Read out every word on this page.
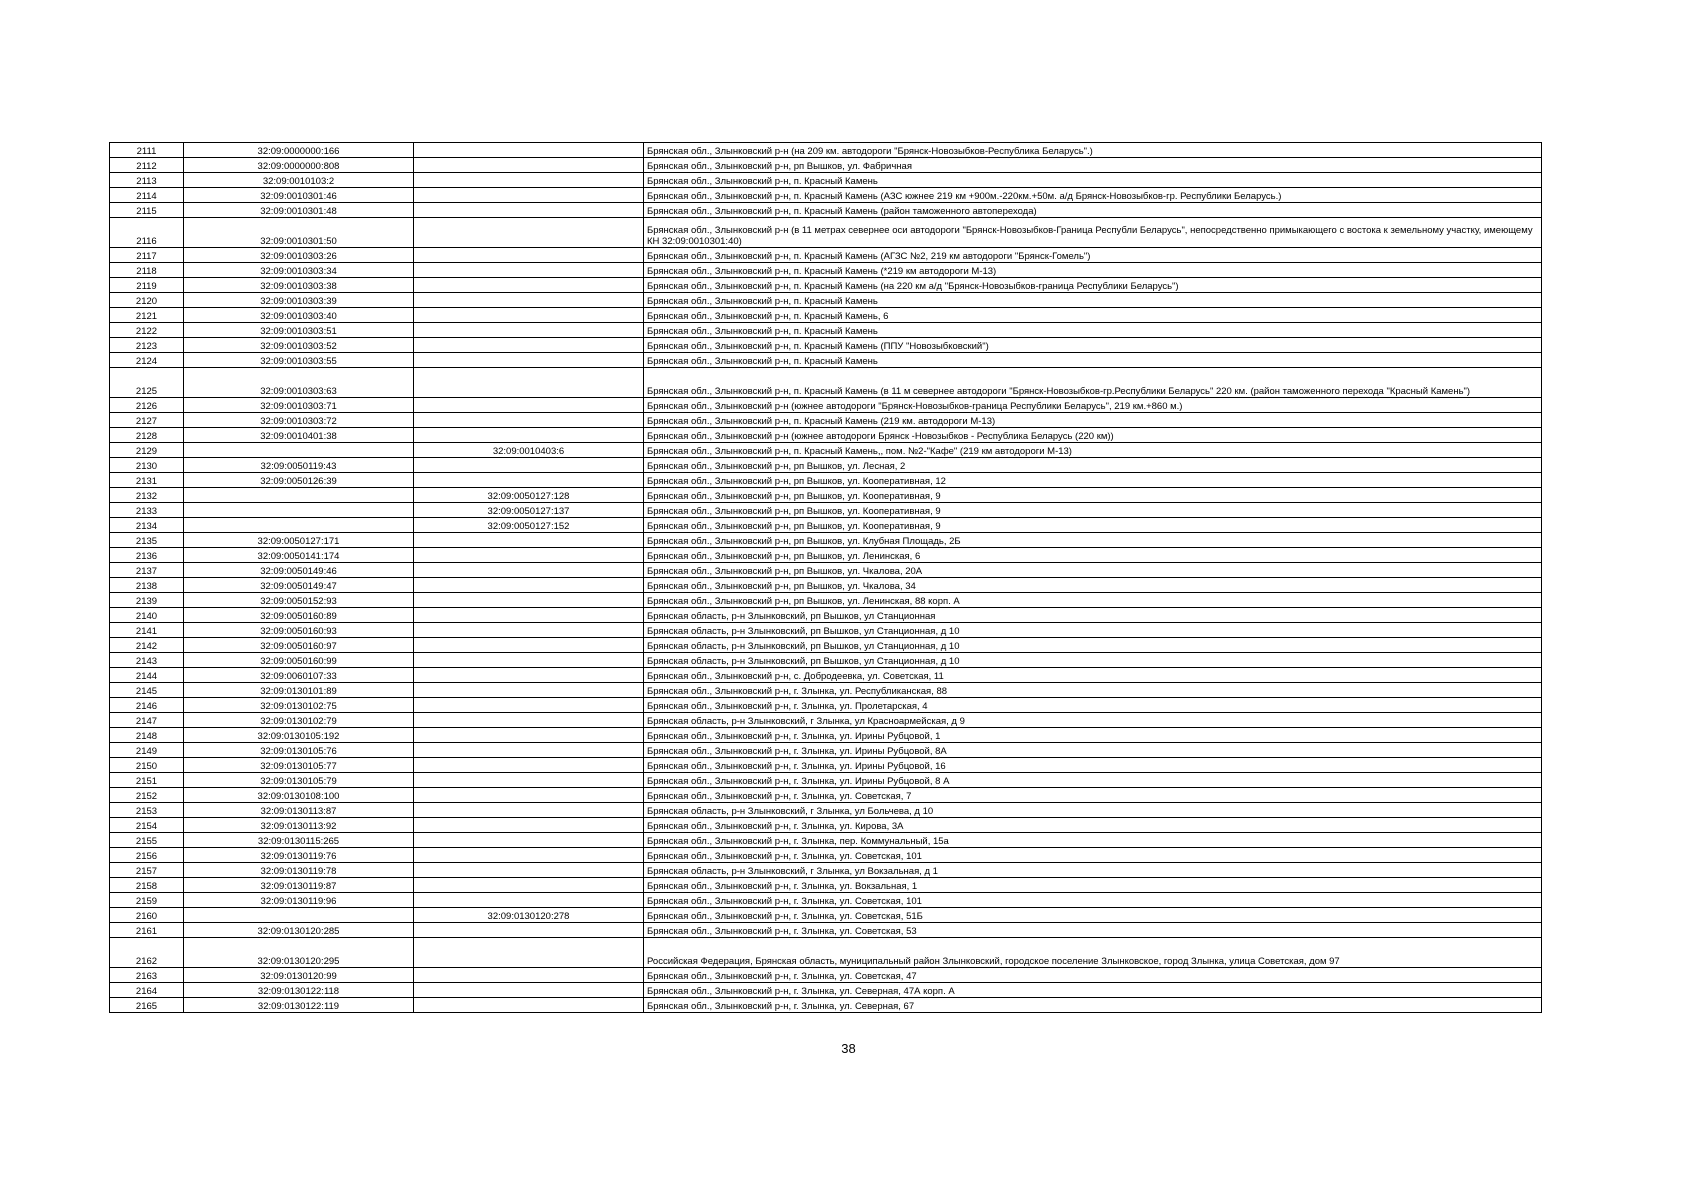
2111	32:09:0000000:166		Брянская обл., Злынковский р-н (на 209 км. автодороги "Брянск-Новозыбков-Республика Беларусь".)
2112	32:09:0000000:808		Брянская обл., Злынковский р-н, рп Вышков, ул. Фабричная
2113	32:09:0010103:2		Брянская обл., Злынковский р-н, п. Красный Камень
2114	32:09:0010301:46		Брянская обл., Злынковский р-н, п. Красный Камень (АЗС южнее 219 км +900м.-220км.+50м. а/д Брянск-Новозыбков-гр. Республики Беларусь.)
2115	32:09:0010301:48		Брянская обл., Злынковский р-н, п. Красный Камень (район таможенного автоперехода)
2116	32:09:0010301:50		Брянская обл., Злынковский р-н (в 11 метрах севернее оси автодороги "Брянск-Новозыбков-Граница Республи Беларусь", непосредственно примыкающего с востока к земельному участку, имеющему КН 32:09:0010301:40)
2117	32:09:0010303:26		Брянская обл., Злынковский р-н, п. Красный Камень (АГЗС №2, 219 км автодороги "Брянск-Гомель")
2118	32:09:0010303:34		Брянская обл., Злынковский р-н, п. Красный Камень (*219 км автодороги М-13)
2119	32:09:0010303:38		Брянская обл., Злынковский р-н, п. Красный Камень (на 220 км а/д "Брянск-Новозыбков-граница Республики Беларусь")
2120	32:09:0010303:39		Брянская обл., Злынковский р-н, п. Красный Камень
2121	32:09:0010303:40		Брянская обл., Злынковский р-н, п. Красный Камень, 6
2122	32:09:0010303:51		Брянская обл., Злынковский р-н, п. Красный Камень
2123	32:09:0010303:52		Брянская обл., Злынковский р-н, п. Красный Камень (ППУ "Новозыбковский")
2124	32:09:0010303:55		Брянская обл., Злынковский р-н, п. Красный Камень
2125	32:09:0010303:63		Брянская обл., Злынковский р-н, п. Красный Камень (в 11 м севернее автодороги "Брянск-Новозыбков-гр.Республики Беларусь" 220 км. (район таможенного перехода "Красный Камень")
2126	32:09:0010303:71		Брянская обл., Злынковский р-н (южнее автодороги "Брянск-Новозыбков-граница Республики Беларусь", 219 км.+860 м.)
2127	32:09:0010303:72		Брянская обл., Злынковский р-н, п. Красный Камень (219 км. автодороги М-13)
2128	32:09:0010401:38		Брянская обл., Злынковский р-н (южнее автодороги Брянск -Новозыбков - Республика Беларусь (220 км))
2129		32:09:0010403:6	Брянская обл., Злынковский р-н, п. Красный Камень,, пом. №2-"Кафе" (219 км автодороги М-13)
2130	32:09:0050119:43		Брянская обл., Злынковский р-н, рп Вышков, ул. Лесная, 2
2131	32:09:0050126:39		Брянская обл., Злынковский р-н, рп Вышков, ул. Кооперативная, 12
2132		32:09:0050127:128	Брянская обл., Злынковский р-н, рп Вышков, ул. Кооперативная, 9
2133		32:09:0050127:137	Брянская обл., Злынковский р-н, рп Вышков, ул. Кооперативная, 9
2134		32:09:0050127:152	Брянская обл., Злынковский р-н, рп Вышков, ул. Кооперативная, 9
2135	32:09:0050127:171		Брянская обл., Злынковский р-н, рп Вышков, ул. Клубная Площадь, 2Б
2136	32:09:0050141:174		Брянская обл., Злынковский р-н, рп Вышков, ул. Ленинская, 6
2137	32:09:0050149:46		Брянская обл., Злынковский р-н, рп Вышков, ул. Чкалова, 20А
2138	32:09:0050149:47		Брянская обл., Злынковский р-н, рп Вышков, ул. Чкалова, 34
2139	32:09:0050152:93		Брянская обл., Злынковский р-н, рп Вышков, ул. Ленинская, 88 корп. А
2140	32:09:0050160:89		Брянская область, р-н Злынковский, рп Вышков, ул Станционная
2141	32:09:0050160:93		Брянская область, р-н Злынковский, рп Вышков, ул Станционная, д 10
2142	32:09:0050160:97		Брянская область, р-н Злынковский, рп Вышков, ул Станционная, д 10
2143	32:09:0050160:99		Брянская область, р-н Злынковский, рп Вышков, ул Станционная, д 10
2144	32:09:0060107:33		Брянская обл., Злынковский р-н, с. Добродеевка, ул. Советская, 11
2145	32:09:0130101:89		Брянская обл., Злынковский р-н, г. Злынка, ул. Республиканская, 88
2146	32:09:0130102:75		Брянская обл., Злынковский р-н, г. Злынка, ул. Пролетарская, 4
2147	32:09:0130102:79		Брянская область, р-н Злынковский, г Злынка, ул Красноармейская, д 9
2148	32:09:0130105:192		Брянская обл., Злынковский р-н, г. Злынка, ул. Ирины Рубцовой, 1
2149	32:09:0130105:76		Брянская обл., Злынковский р-н, г. Злынка, ул. Ирины Рубцовой, 8А
2150	32:09:0130105:77		Брянская обл., Злынковский р-н, г. Злынка, ул. Ирины Рубцовой, 16
2151	32:09:0130105:79		Брянская обл., Злынковский р-н, г. Злынка, ул. Ирины Рубцовой, 8 А
2152	32:09:0130108:100		Брянская обл., Злынковский р-н, г. Злынка, ул. Советская, 7
2153	32:09:0130113:87		Брянская область, р-н Злынковский, г Злынка, ул Больчева, д 10
2154	32:09:0130113:92		Брянская обл., Злынковский р-н, г. Злынка, ул. Кирова, 3А
2155	32:09:0130115:265		Брянская обл., Злынковский р-н, г. Злынка, пер. Коммунальный, 15а
2156	32:09:0130119:76		Брянская обл., Злынковский р-н, г. Злынка, ул. Советская, 101
2157	32:09:0130119:78		Брянская область, р-н Злынковский, г Злынка, ул Вокзальная, д 1
2158	32:09:0130119:87		Брянская обл., Злынковский р-н, г. Злынка, ул. Вокзальная, 1
2159	32:09:0130119:96		Брянская обл., Злынковский р-н, г. Злынка, ул. Советская, 101
2160		32:09:0130120:278	Брянская обл., Злынковский р-н, г. Злынка, ул. Советская, 51Б
2161	32:09:0130120:285		Брянская обл., Злынковский р-н, г. Злынка, ул. Советская, 53
2162	32:09:0130120:295		Российская Федерация, Брянская область, муниципальный район Злынковский, городское поселение Злынковское, город Злынка, улица Советская, дом 97
2163	32:09:0130120:99		Брянская обл., Злынковский р-н, г. Злынка, ул. Советская, 47
2164	32:09:0130122:118		Брянская обл., Злынковский р-н, г. Злынка, ул. Северная, 47А корп. А
2165	32:09:0130122:119		Брянская обл., Злынковский р-н, г. Злынка, ул. Северная, 67
38
